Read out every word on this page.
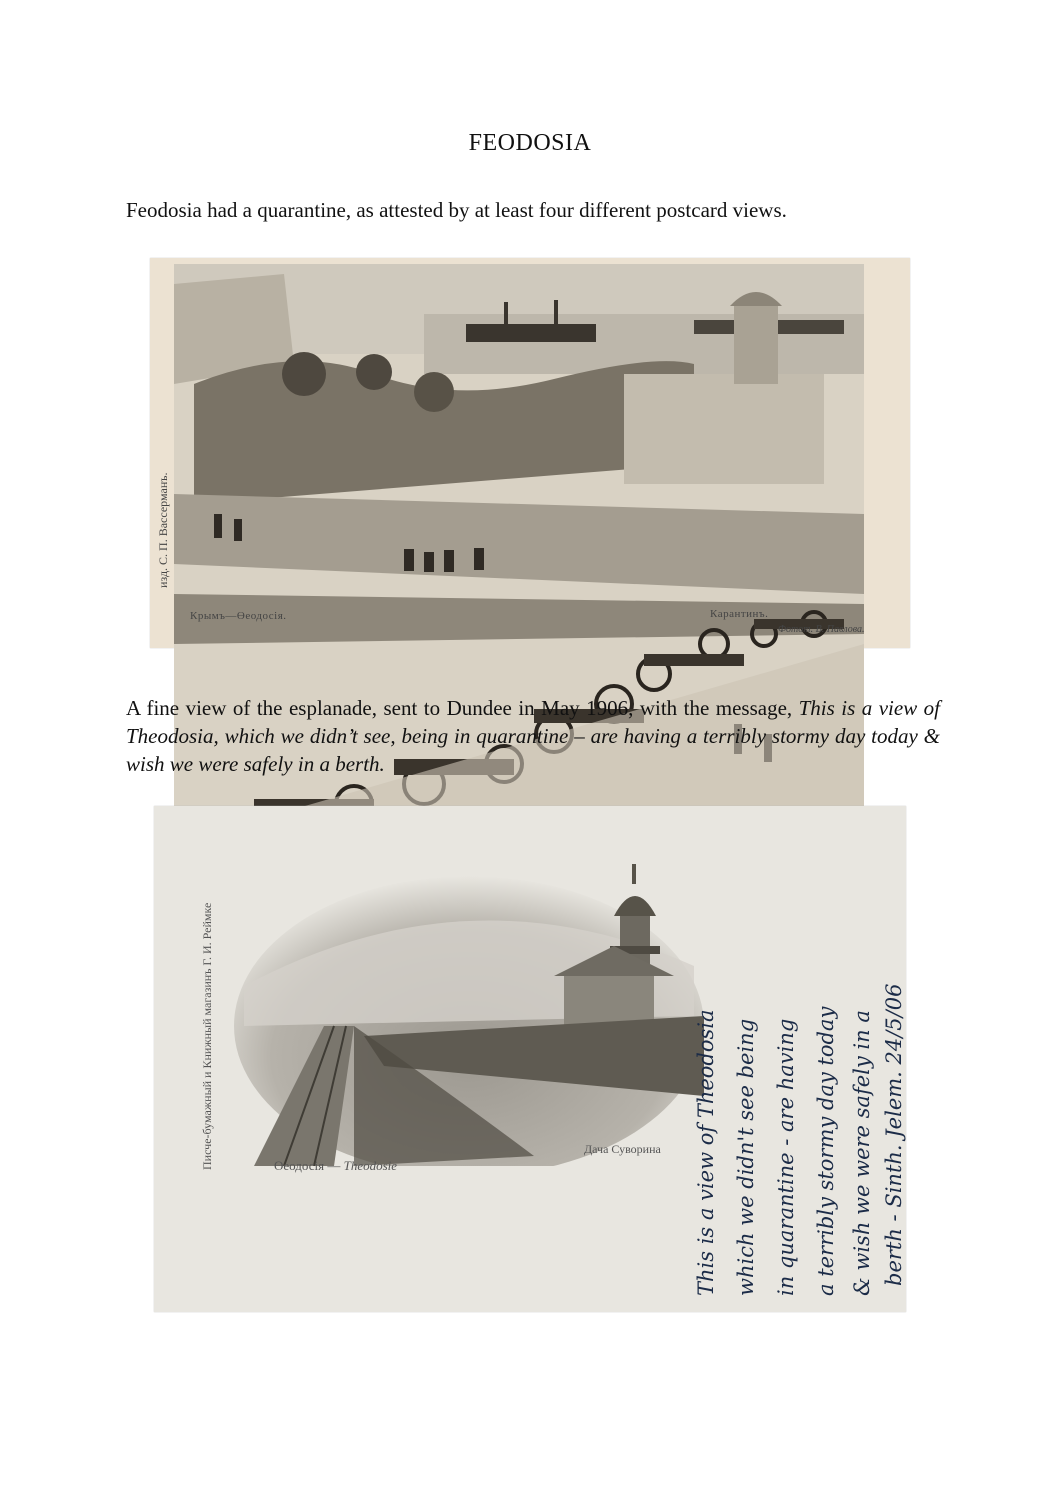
FEODOSIA
Feodosia had a quarantine, as attested by at least four different postcard views.
изд. С. П. Вассерманъ.
Крымъ—Өеодосія.	Карантинъ.
Фотот. В. Павлова.
A fine view of the esplanade, sent to Dundee in May 1906, with the message, This is a view of Theodosia, which we didn’t see, being in quarantine – are having a terribly stormy day today & wish we were safely in a berth.
Писче-бумажный и Книжный магазинъ Г. И. Реймке	Өеодосія — Theodosie
Дача Суворина This is a view of Theodosia which we didn't see being in quarantine - are having a terribly stormy day today & wish we were safely in a berth - Sinth. Jelem. 24/5/06
